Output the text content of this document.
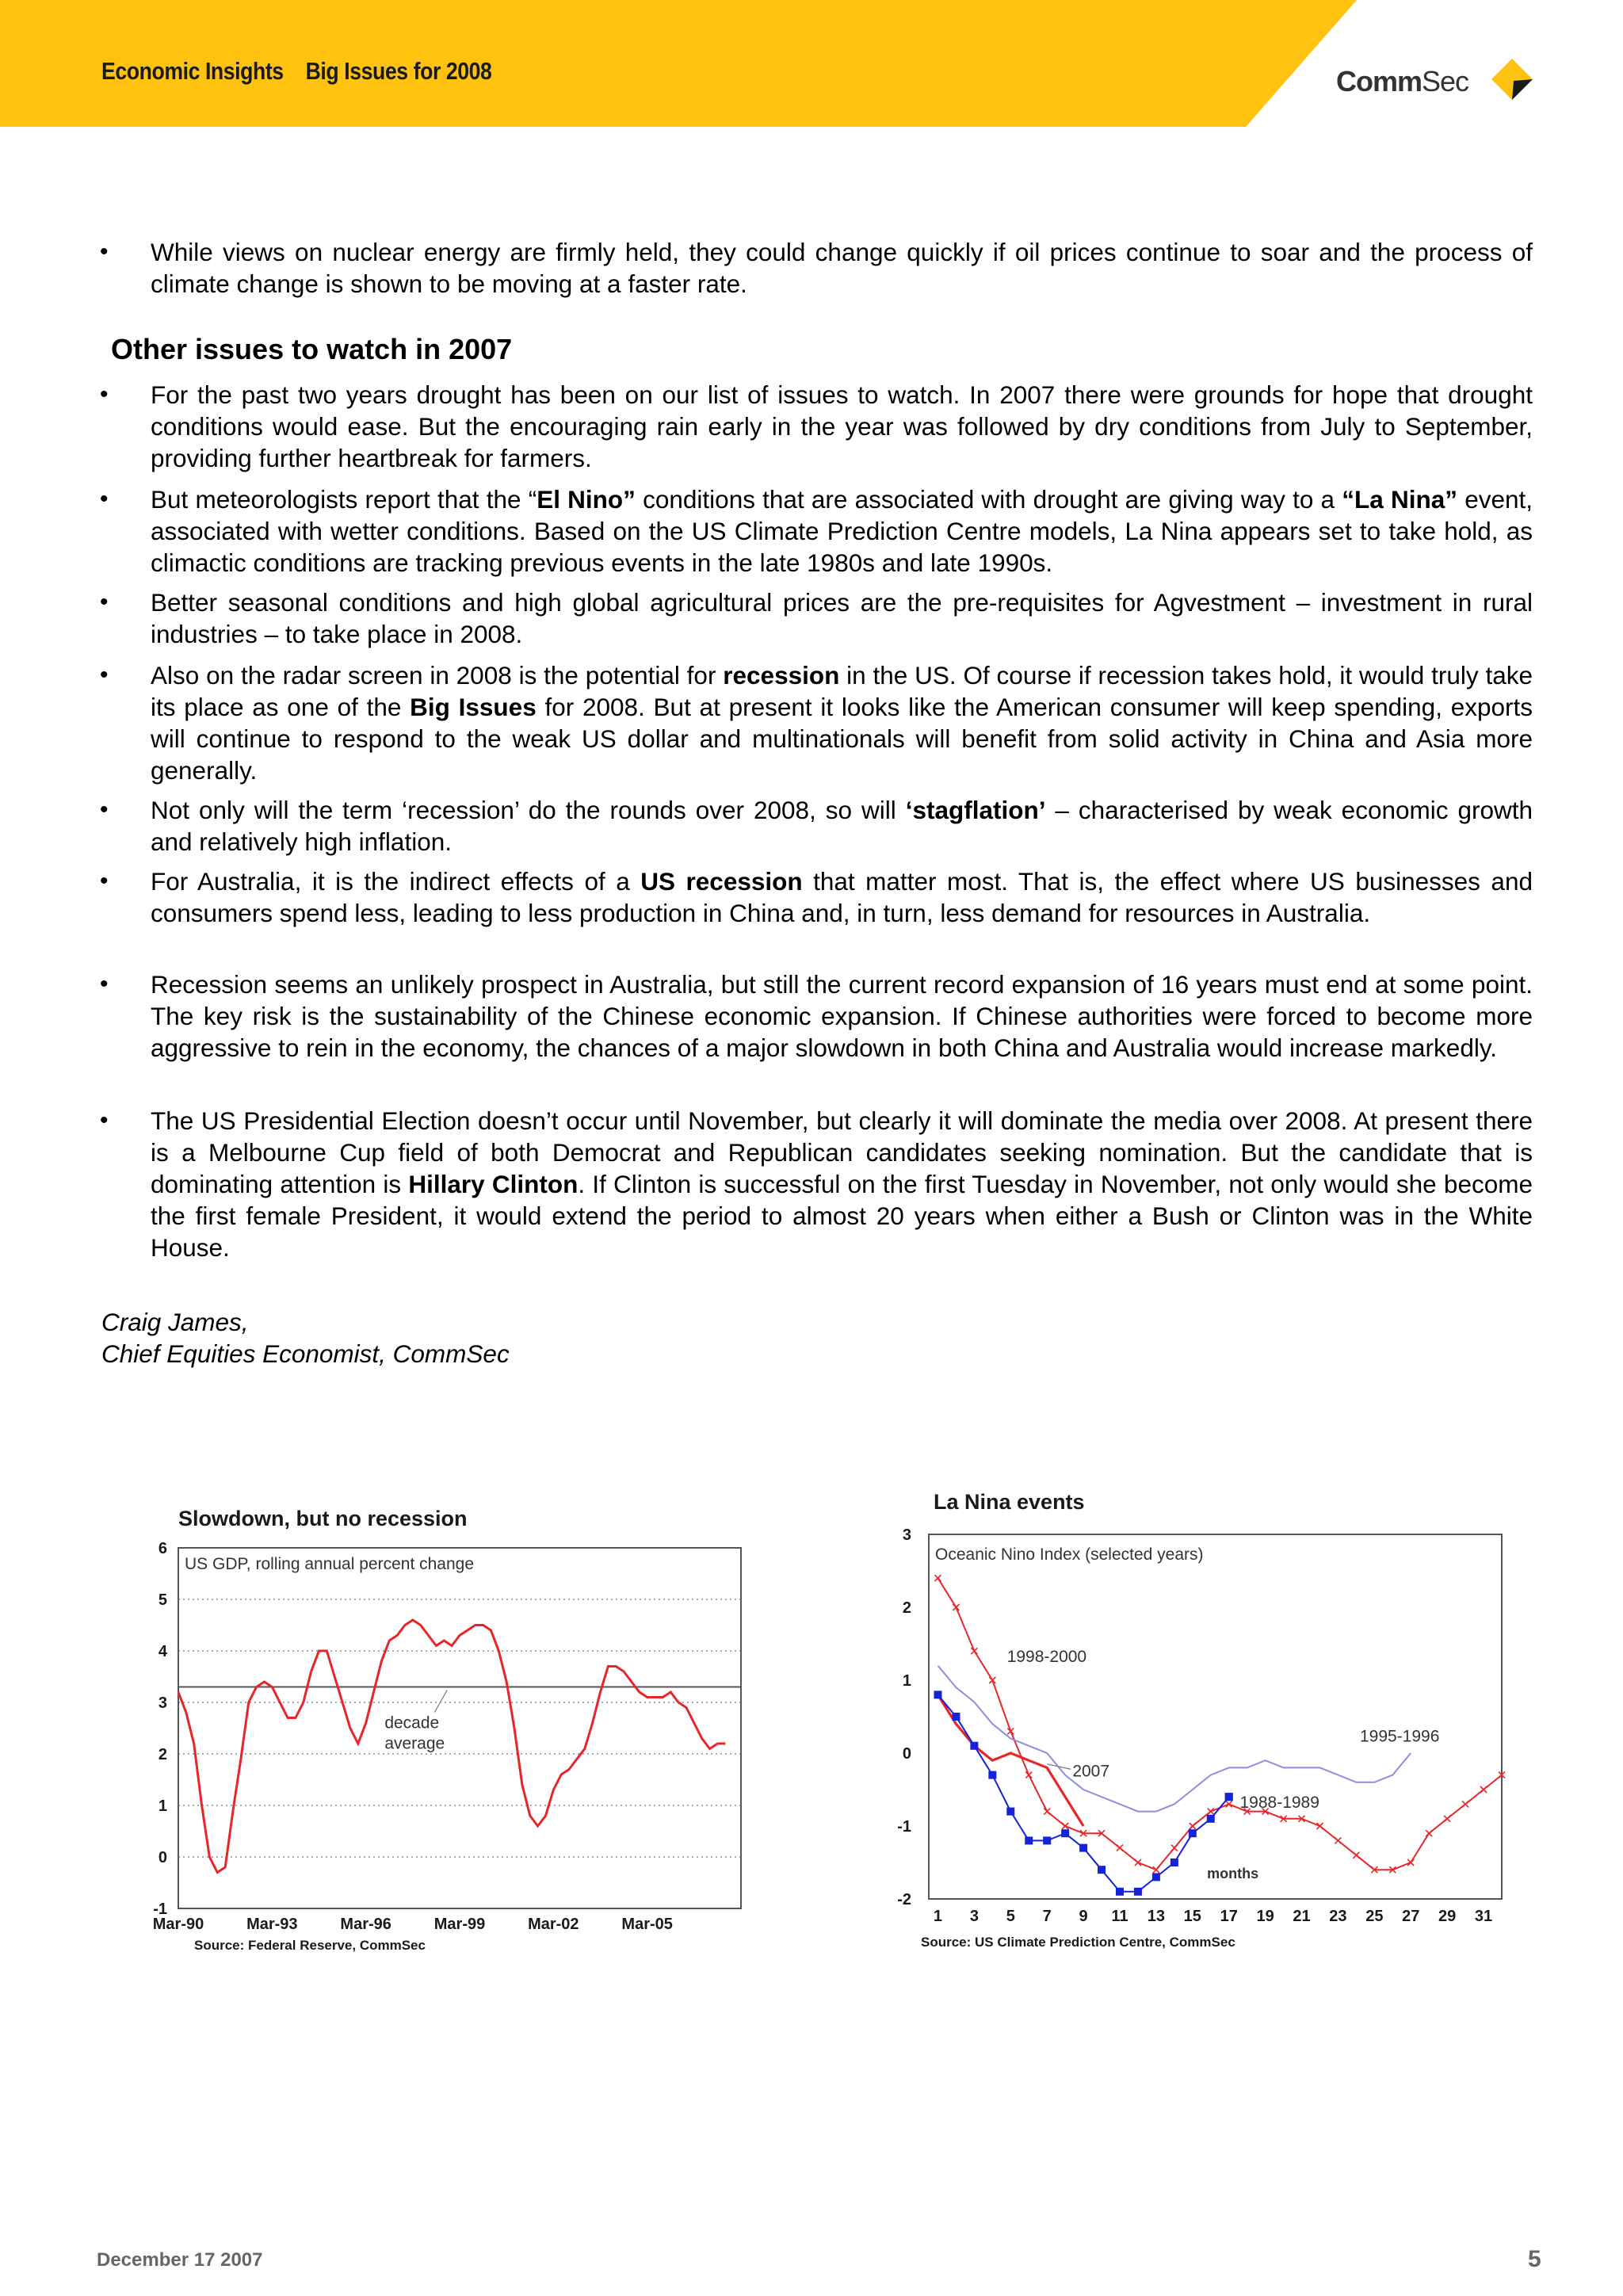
Economic Insights    Big Issues for 2008	CommSec
• While views on nuclear energy are firmly held, they could change quickly if oil prices continue to soar and the process of climate change is shown to be moving at a faster rate.
Other issues to watch in 2007
• For the past two years drought has been on our list of issues to watch. In 2007 there were grounds for hope that drought conditions would ease. But the encouraging rain early in the year was followed by dry conditions from July to September, providing further heartbreak for farmers.
• But meteorologists report that the “El Nino” conditions that are associated with drought are giving way to a “La Nina” event, associated with wetter conditions. Based on the US Climate Prediction Centre models, La Nina appears set to take hold, as climactic conditions are tracking previous events in the late 1980s and late 1990s.
• Better seasonal conditions and high global agricultural prices are the pre-requisites for Agvestment – investment in rural industries – to take place in 2008.
• Also on the radar screen in 2008 is the potential for recession in the US. Of course if recession takes hold, it would truly take its place as one of the Big Issues for 2008. But at present it looks like the American consumer will keep spending, exports will continue to respond to the weak US dollar and multinationals will benefit from solid activity in China and Asia more generally.
• Not only will the term ‘recession’ do the rounds over 2008, so will ‘stagflation’ – characterised by weak economic growth and relatively high inflation.
• For Australia, it is the indirect effects of a US recession that matter most. That is, the effect where US businesses and consumers spend less, leading to less production in China and, in turn, less demand for resources in Australia.
• Recession seems an unlikely prospect in Australia, but still the current record expansion of 16 years must end at some point. The key risk is the sustainability of the Chinese economic expansion. If Chinese authorities were forced to become more aggressive to rein in the economy, the chances of a major slowdown in both China and Australia would increase markedly.
• The US Presidential Election doesn’t occur until November, but clearly it will dominate the media over 2008. At present there is a Melbourne Cup field of both Democrat and Republican candidates seeking nomination. But the candidate that is dominating attention is Hillary Clinton. If Clinton is successful on the first Tuesday in November, not only would she become the first female President, it would extend the period to almost 20 years when either a Bush or Clinton was in the White House.
Craig James,
Chief Equities Economist, CommSec
Slowdown, but no recession
-1
0
1
2
3
4
5
6
US GDP, rolling annual percent change
decade
average
Mar-90	Mar-93	Mar-96	Mar-99	Mar-02	Mar-05
Source: Federal Reserve, CommSec
La Nina events
-2
-1
0
1
2
3
Oceanic Nino Index (selected years)
1998-2000
1995-1996
2007
1988-1989
months
1 3 5 7 9 11 13 15 17 19 21 23 25 27 29 31
Source: US Climate Prediction Centre, CommSec
December 17 2007	5
